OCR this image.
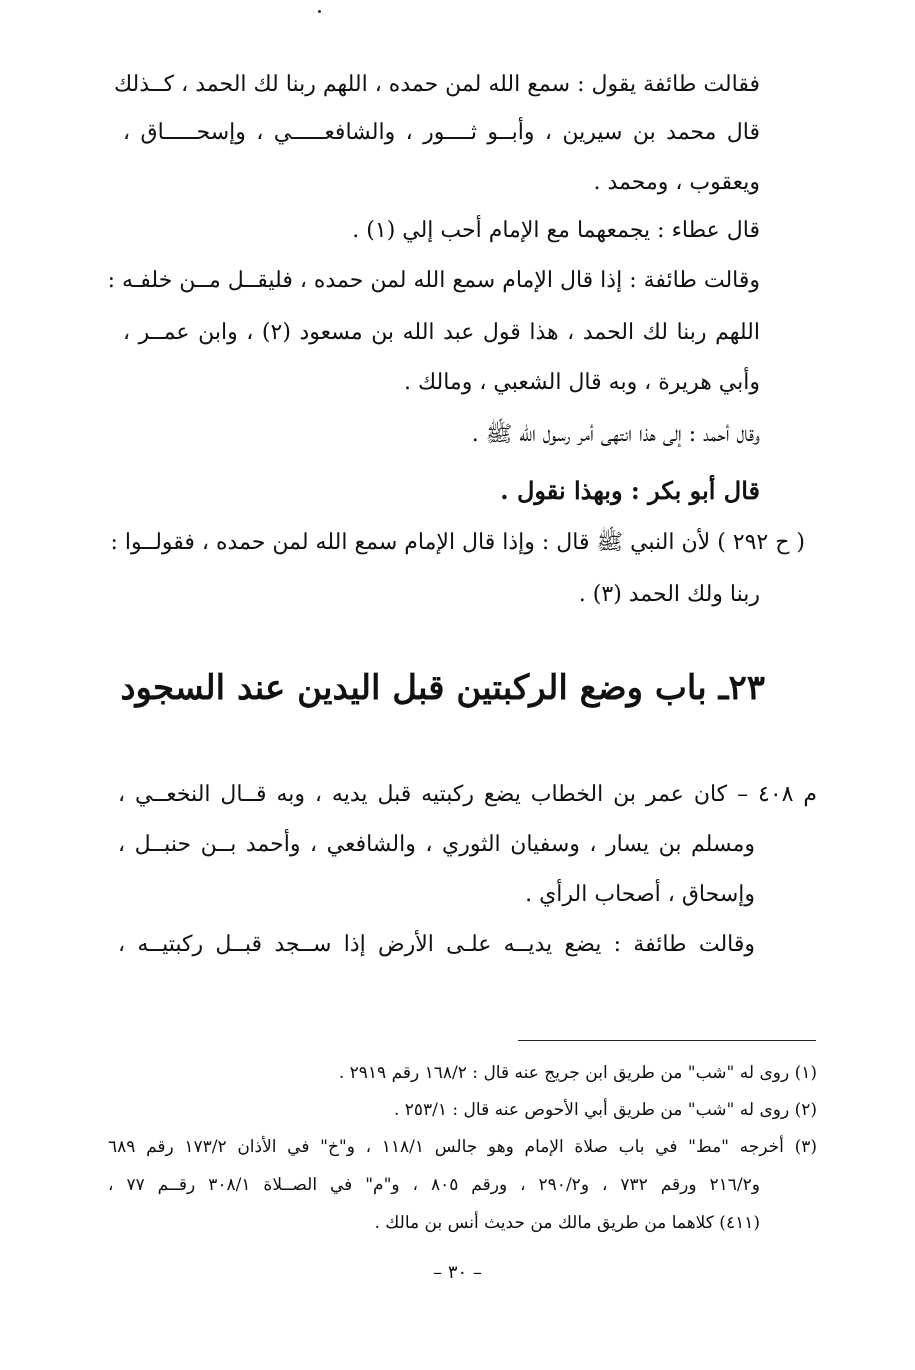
فقالت طائفة يقول : سمع الله لمن حمده ، اللهم ربنا لك الحمد ، كــذلك
قال محمد بن سيرين ، وأبــو ثــــور ، والشافعـــــي ، وإسحـــــاق ،
ويعقوب ، ومحمد .
قال عطاء : يجمعهما مع الإمام أحب إلي (١) .
وقالت طائفة : إذا قال الإمام سمع الله لمن حمده ، فليقــل مــن خلفـه :
اللهم ربنا لك الحمد ، هذا قول عبد الله بن مسعود (٢) ، وابن عمــر ،
وأبي هريرة ، وبه قال الشعبي ، ومالك .
وقال أحمد : إلى هذا انتهى أمر رسول الله ﷺ .
قال أبو بكر : وبهذا نقول .
( ح ٢٩٢ ) لأن النبي ﷺ قال : وإذا قال الإمام سمع الله لمن حمده ، فقولــوا :
ربنا ولك الحمد (٣) .
٢٣ـ باب وضع الركبتين قبل اليدين عند السجود
م ٤٠٨ – كان عمر بن الخطاب يضع ركبتيه قبل يديه ، وبه قــال النخعــي ،
ومسلم بن يسار ، وسفيان الثوري ، والشافعي ، وأحمد بــن حنبــل ،
وإسحاق ، أصحاب الرأي .
وقالت طائفة : يضع يديــه علـى الأرض إذا ســجد قبــل ركبتيــه ،
(١) روى له "شب" من طريق ابن جريج عنه قال : ١٦٨/٢ رقم ٢٩١٩ .
(٢) روى له "شب" من طريق أبي الأحوص عنه قال : ٢٥٣/١ .
(٣) أخرجه "مط" في باب صلاة الإمام وهو جالس ١١٨/١ ، و"خ" في الأذان ١٧٣/٢ رقم ٦٨٩
و٢١٦/٢ ورقم ٧٣٢ ، و٢٩٠/٢ ، ورقم ٨٠٥ ، و"م" في الصــلاة ٣٠٨/١ رقــم ٧٧ ،
(٤١١) كلاهما من طريق مالك من حديث أنس بن مالك .
– ٣٠ –
